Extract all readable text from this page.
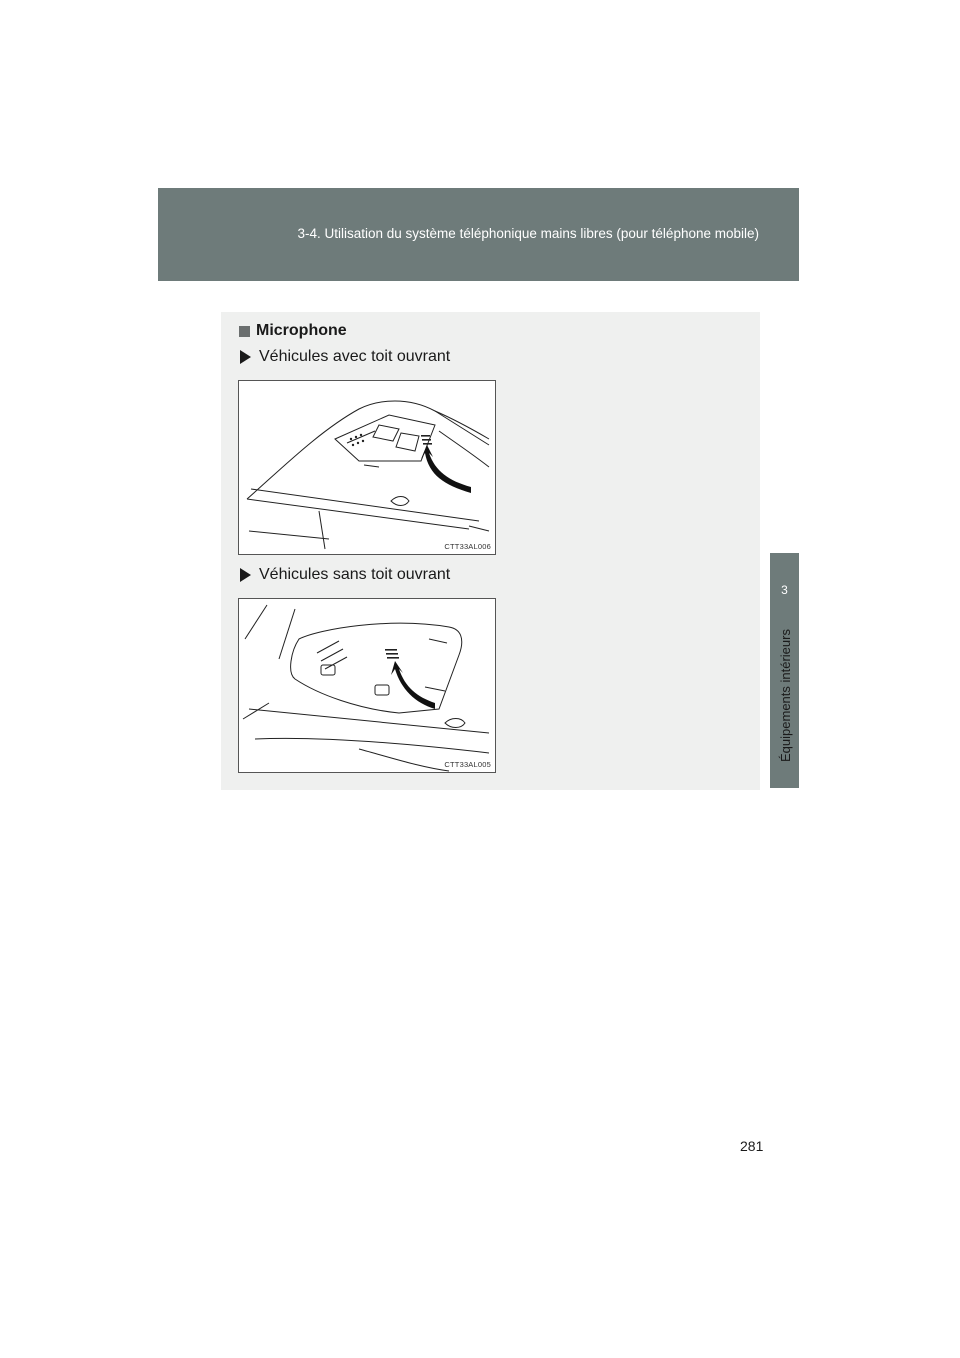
3-4. Utilisation du système téléphonique mains libres (pour téléphone mobile)
3
Équipements intérieurs
Microphone
Véhicules avec toit ouvrant
CTT33AL006
Véhicules sans toit ouvrant
CTT33AL005
281
